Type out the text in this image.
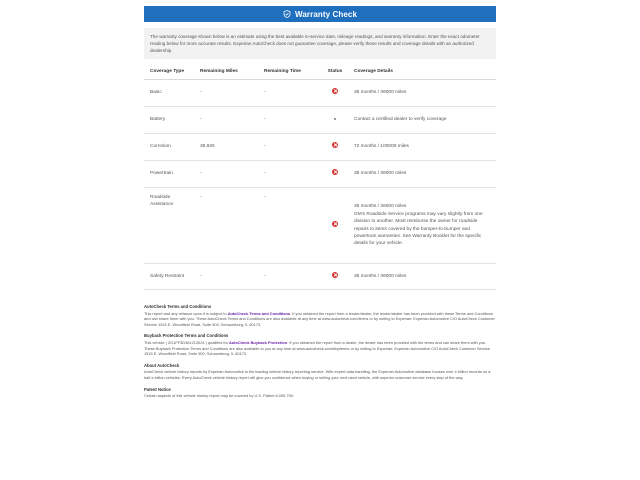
Warranty Check
The warranty coverage shown below is an estimate using the best available in-service date, mileage readings, and warranty information. Enter the exact odometer reading below for more accurate results. Experian AutoCheck does not guarantee coverage, please verify these results and coverage details with an authorized dealership.
Coverage Type	Remaining Miles	Remaining Time	Status	Coverage Details
Basic	-	-		36 months / 36000 miles
Battery	-	-		Contact a certified dealer to verify coverage
Corrosion	38,926	-		72 months / 100000 miles
Powertrain	-	-		36 months / 36000 miles
Roadside Assistance	-	-		36 months / 36000 miles
GM's Roadside Service programs may vary slightly from one division to another. Most reimburse the owner for roadside repairs to items covered by the bumper-to-bumper and powertrain warranties. See Warranty Booklet for the specific details for your vehicle.
Safety Restraint	-	-		36 months / 36000 miles
AutoCheck Terms and Conditions

This report and any reliance upon it is subject to AutoCheck Terms and Conditions. If you obtained the report from a lender/dealer, the lender/dealer has been provided with these Terms and Conditions and can share them with you. These AutoCheck Terms and Conditions are also available at any time at www.autocheck.com/terms or by writing to Experian: Experian Automotive C/O AutoCheck Customer Service 1515 E. Woodfield Road, Suite 500, Schaumburg, IL 60173.

Buyback Protection Terms and Conditions

This vehicle ( 2G1FF3D361213024 ) qualifies for AutoCheck Buyback Protection. If you obtained the report from a dealer, the dealer has been provided with the terms and can share them with you. These Buyback Protection Terms and Conditions are also available to you at any time at www.autocheck.com/bbpterms or by writing to Experian: Experian Automotive C/O AutoCheck Customer Service 1515 E. Woodfield Road, Suite 500, Schaumburg, IL 60173.

About AutoCheck

AutoCheck vehicle history reports by Experian Automotive is the leading vehicle history reporting service. With expert data handling, the Experian Automotive database houses over 4 billion records on a half a billion vehicles. Every AutoCheck vehicle history report will give you confidence when buying or selling your next used vehicle, with superior customer service every step of the way.

Patent Notice

Certain aspects of this vehicle history report may be covered by U.S. Patent 8,005,759.
